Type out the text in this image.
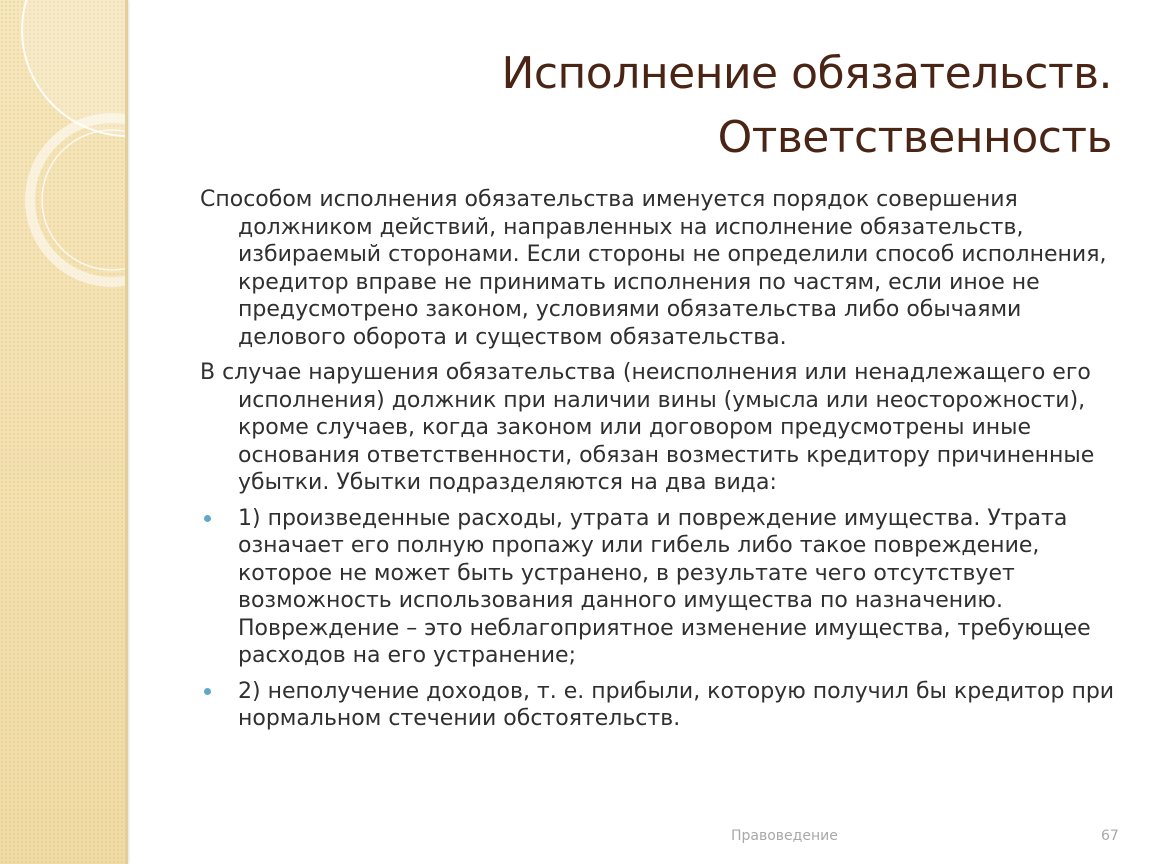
Исполнение обязательств.
Ответственность

Способом исполнения обязательства именуется порядок совершения должником действий, направленных на исполнение обязательств, избираемый сторонами. Если стороны не определили способ исполнения, кредитор вправе не принимать исполнения по частям, если иное не предусмотрено законом, условиями обязательства либо обычаями делового оборота и существом обязательства.

В случае нарушения обязательства (неисполнения или ненадлежащего его исполнения) должник при наличии вины (умысла или неосторожности), кроме случаев, когда законом или договором предусмотрены иные основания ответственности, обязан возместить кредитору причиненные убытки. Убытки подразделяются на два вида:

1) произведенные расходы, утрата и повреждение имущества. Утрата означает его полную пропажу или гибель либо такое повреждение, которое не может быть устранено, в результате чего отсутствует возможность использования данного имущества по назначению. Повреждение – это неблагоприятное изменение имущества, требующее расходов на его устранение;
2) неполучение доходов, т. е. прибыли, которую получил бы кредитор при нормальном стечении обстоятельств.
Правоведение	67
